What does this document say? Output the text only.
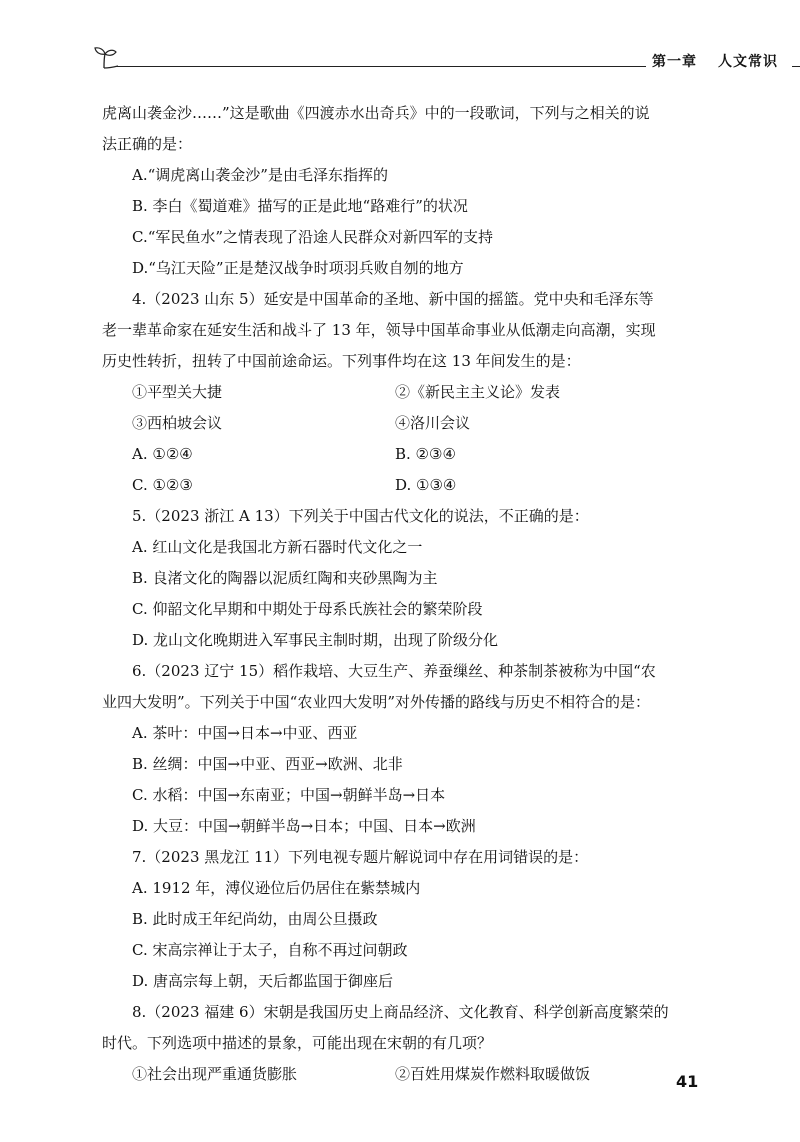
第一章	人文常识
虎离山袭金沙……”这是歌曲《四渡赤水出奇兵》中的一段歌词，下列与之相关的说
法正确的是：
A.“调虎离山袭金沙”是由毛泽东指挥的
B. 李白《蜀道难》描写的正是此地“路难行”的状况
C.“军民鱼水”之情表现了沿途人民群众对新四军的支持
D.“乌江天险”正是楚汉战争时项羽兵败自刎的地方
4.（2023 山东 5）延安是中国革命的圣地、新中国的摇篮。党中央和毛泽东等
老一辈革命家在延安生活和战斗了 13 年，领导中国革命事业从低潮走向高潮，实现
历史性转折，扭转了中国前途命运。下列事件均在这 13 年间发生的是：
①平型关大捷	②《新民主主义论》发表
③西柏坡会议	④洛川会议
A. ①②④	B. ②③④
C. ①②③	D. ①③④
5.（2023 浙江 A 13）下列关于中国古代文化的说法，不正确的是：
A. 红山文化是我国北方新石器时代文化之一
B. 良渚文化的陶器以泥质红陶和夹砂黑陶为主
C. 仰韶文化早期和中期处于母系氏族社会的繁荣阶段
D. 龙山文化晚期进入军事民主制时期，出现了阶级分化
6.（2023 辽宁 15）稻作栽培、大豆生产、养蚕缫丝、种茶制茶被称为中国“农
业四大发明”。下列关于中国“农业四大发明”对外传播的路线与历史不相符合的是：
A. 茶叶：中国→日本→中亚、西亚
B. 丝绸：中国→中亚、西亚→欧洲、北非
C. 水稻：中国→东南亚；中国→朝鲜半岛→日本
D. 大豆：中国→朝鲜半岛→日本；中国、日本→欧洲
7.（2023 黑龙江 11）下列电视专题片解说词中存在用词错误的是：
A. 1912 年，溥仪逊位后仍居住在紫禁城内
B. 此时成王年纪尚幼，由周公旦摄政
C. 宋高宗禅让于太子，自称不再过问朝政
D. 唐高宗每上朝，天后都监国于御座后
8.（2023 福建 6）宋朝是我国历史上商品经济、文化教育、科学创新高度繁荣的
时代。下列选项中描述的景象，可能出现在宋朝的有几项？
①社会出现严重通货膨胀	②百姓用煤炭作燃料取暖做饭	41
